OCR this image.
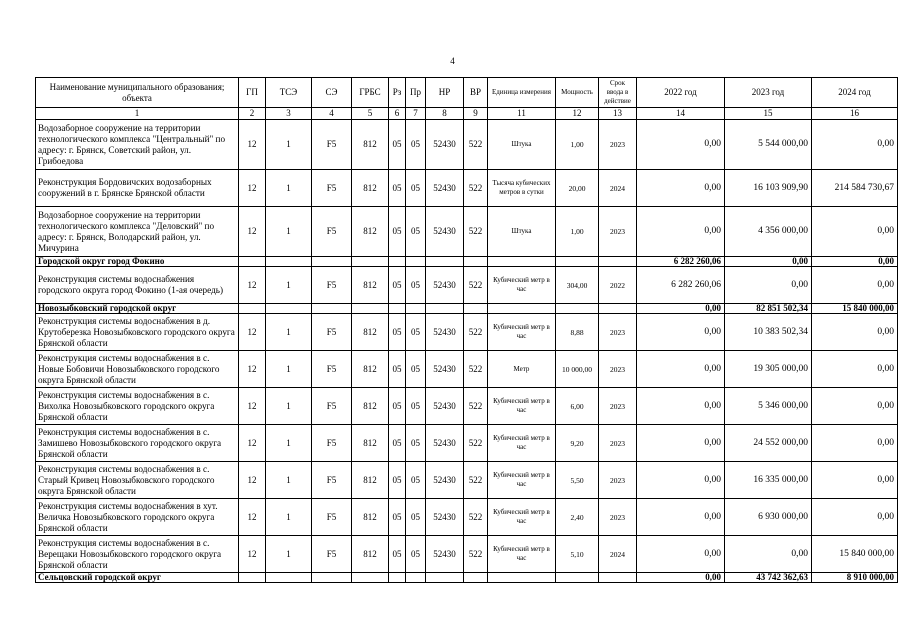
4
Наименование муниципального образования; объекта	ГП	ТСЭ	СЭ	ГРБС	Рз	Пр	НР	ВР	Единица измерения	Мощность	Срок ввода в действие	2022 год	2023 год	2024 год
1	2	3	4	5	6	7	8	9	11	12	13	14	15	16
Водозаборное сооружение на территории технологического комплекса "Центральный" по адресу: г. Брянск, Советский район, ул. Грибоедова	12	1	F5	812	05	05	52430	522	Штука	1,00	2023	0,00	5 544 000,00	0,00
Реконструкция Бордовичских водозаборных сооружений в г. Брянске Брянской области	12	1	F5	812	05	05	52430	522	Тысяча кубических метров в сутки	20,00	2024	0,00	16 103 909,90	214 584 730,67
Водозаборное сооружение на территории технологического комплекса "Деловский" по адресу: г. Брянск, Володарский район, ул. Мичурина	12	1	F5	812	05	05	52430	522	Штука	1,00	2023	0,00	4 356 000,00	0,00
Городской округ город Фокино												6 282 260,06	0,00	0,00
Реконструкция системы водоснабжения городского округа город Фокино (1-ая очередь)	12	1	F5	812	05	05	52430	522	Кубический метр в час	304,00	2022	6 282 260,06	0,00	0,00
Новозыбковский городской округ												0,00	82 851 502,34	15 840 000,00
Реконструкция системы водоснабжения в д. Крутоберезка Новозыбковского городского округа Брянской области	12	1	F5	812	05	05	52430	522	Кубический метр в час	8,88	2023	0,00	10 383 502,34	0,00
Реконструкция системы водоснабжения в с. Новые Бобовичи Новозыбковского городского округа Брянской области	12	1	F5	812	05	05	52430	522	Метр	10 000,00	2023	0,00	19 305 000,00	0,00
Реконструкция системы водоснабжения в с. Вихолка Новозыбковского городского округа Брянской области	12	1	F5	812	05	05	52430	522	Кубический метр в час	6,00	2023	0,00	5 346 000,00	0,00
Реконструкция системы водоснабжения в с. Замишево Новозыбковского городского округа Брянской области	12	1	F5	812	05	05	52430	522	Кубический метр в час	9,20	2023	0,00	24 552 000,00	0,00
Реконструкция системы водоснабжения в с. Старый Кривец Новозыбковского городского округа Брянской области	12	1	F5	812	05	05	52430	522	Кубический метр в час	5,50	2023	0,00	16 335 000,00	0,00
Реконструкция системы водоснабжения в хут. Величка Новозыбковского городского округа Брянской области	12	1	F5	812	05	05	52430	522	Кубический метр в час	2,40	2023	0,00	6 930 000,00	0,00
Реконструкция системы водоснабжения в с. Верещаки Новозыбковского городского округа Брянской области	12	1	F5	812	05	05	52430	522	Кубический метр в час	5,10	2024	0,00	0,00	15 840 000,00
Сельцовский городской округ												0,00	43 742 362,63	8 910 000,00
